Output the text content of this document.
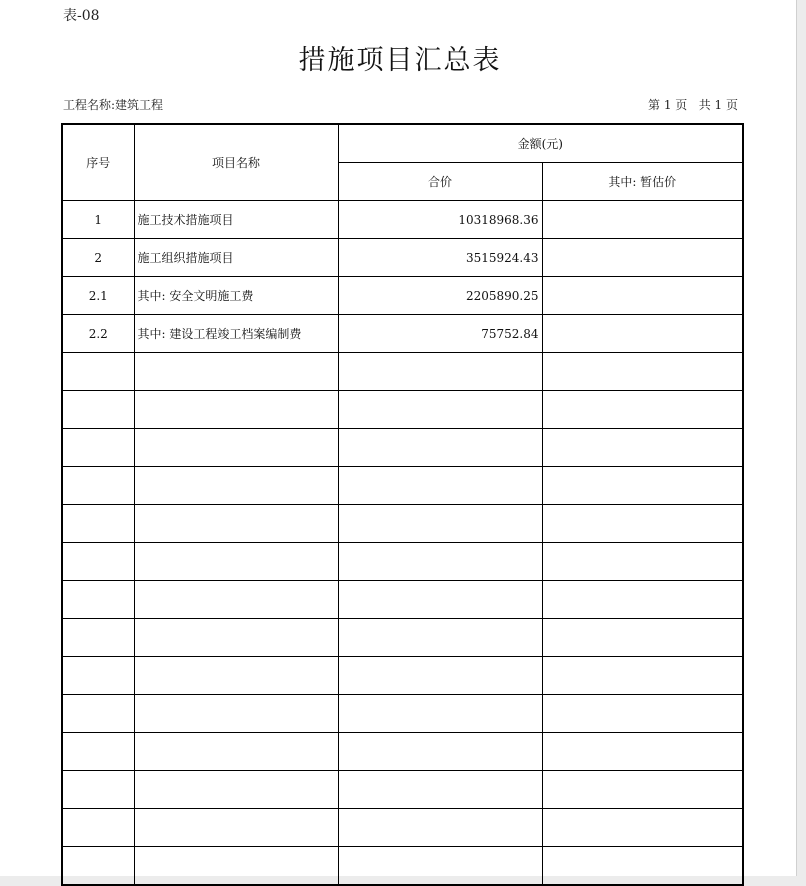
表-08
措施项目汇总表
工程名称:建筑工程	第 1 页   共 1 页
序号	项目名称	金额(元)	
		合价	其中: 暂估价
1	施工技术措施项目	10318968.36	
2	施工组织措施项目	3515924.43	
2.1	其中: 安全文明施工费	2205890.25	
2.2	其中: 建设工程竣工档案编制费	75752.84	
